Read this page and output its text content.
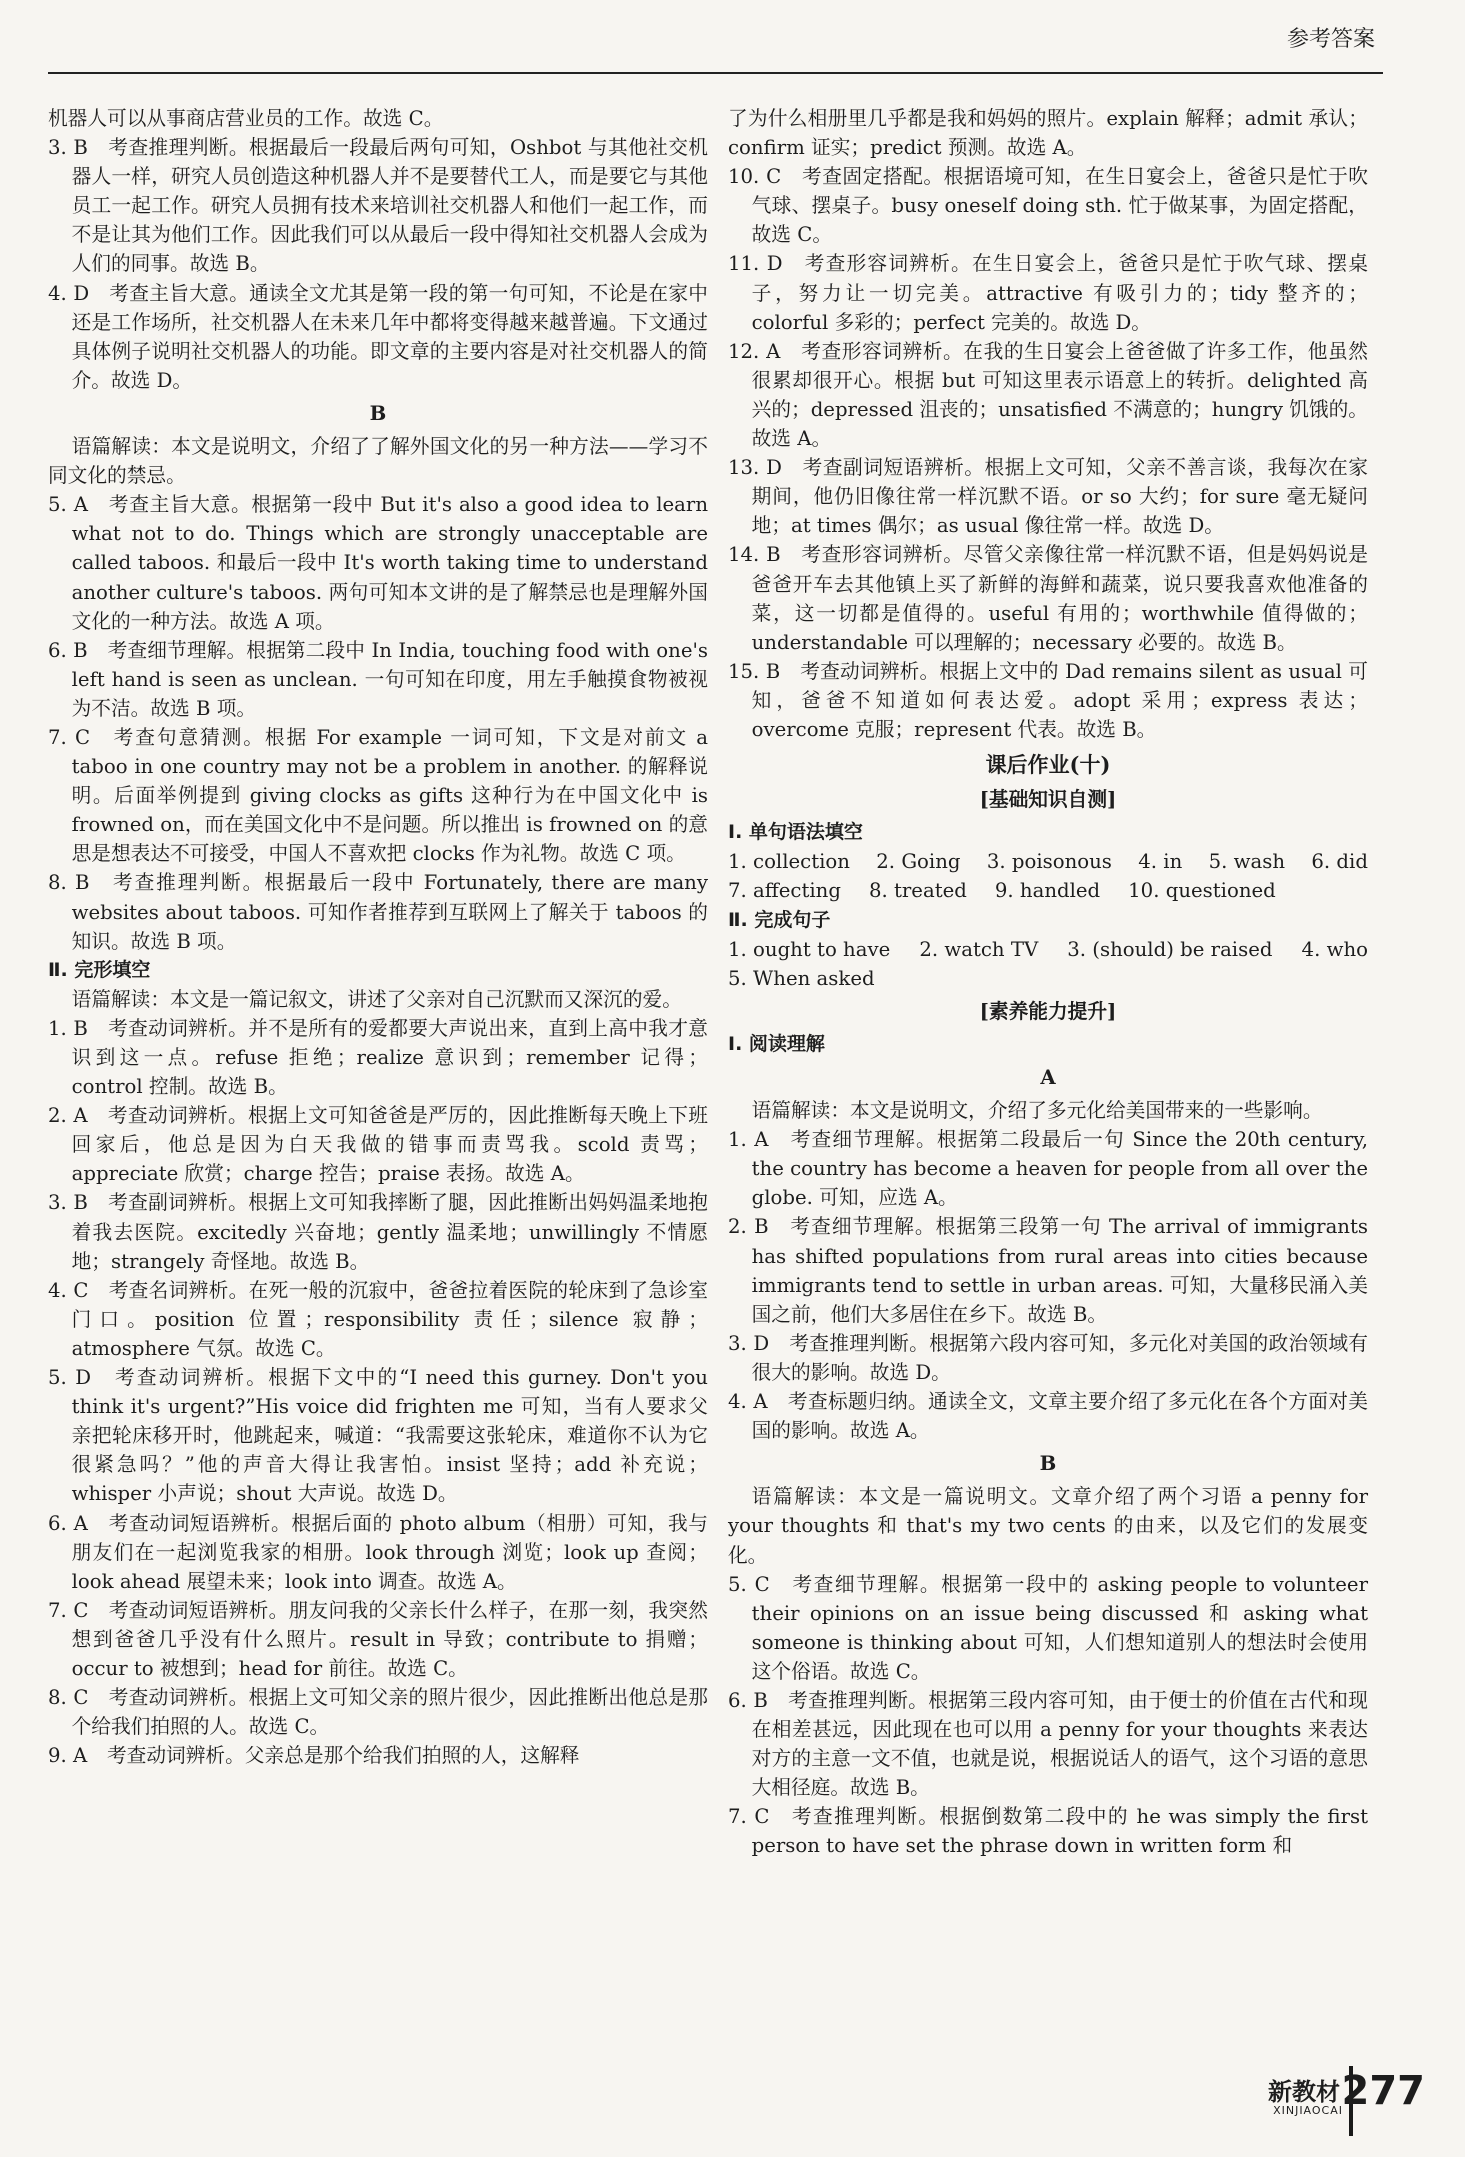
参考答案

机器人可以从事商店营业员的工作。故选 C。

3. B　考查推理判断。根据最后一段最后两句可知，Oshbot 与其他社交机器人一样，研究人员创造这种机器人并不是要替代工人，而是要它与其他员工一起工作。研究人员拥有技术来培训社交机器人和他们一起工作，而不是让其为他们工作。因此我们可以从最后一段中得知社交机器人会成为人们的同事。故选 B。

4. D　考查主旨大意。通读全文尤其是第一段的第一句可知，不论是在家中还是工作场所，社交机器人在未来几年中都将变得越来越普遍。下文通过具体例子说明社交机器人的功能。即文章的主要内容是对社交机器人的简介。故选 D。

B

语篇解读：本文是说明文，介绍了了解外国文化的另一种方法——学习不同文化的禁忌。

5. A　考查主旨大意。根据第一段中 But it's also a good idea to learn what not to do. Things which are strongly unacceptable are called taboos. 和最后一段中 It's worth taking time to understand another culture's taboos. 两句可知本文讲的是了解禁忌也是理解外国文化的一种方法。故选 A 项。

6. B　考查细节理解。根据第二段中 In India, touching food with one's left hand is seen as unclean. 一句可知在印度，用左手触摸食物被视为不洁。故选 B 项。

7. C　考查句意猜测。根据 For example 一词可知，下文是对前文 a taboo in one country may not be a problem in another. 的解释说明。后面举例提到 giving clocks as gifts 这种行为在中国文化中 is frowned on，而在美国文化中不是问题。所以推出 is frowned on 的意思是想表达不可接受，中国人不喜欢把 clocks 作为礼物。故选 C 项。

8. B　考查推理判断。根据最后一段中 Fortunately, there are many websites about taboos. 可知作者推荐到互联网上了解关于 taboos 的知识。故选 B 项。

Ⅱ. 完形填空

语篇解读：本文是一篇记叙文，讲述了父亲对自己沉默而又深沉的爱。

1. B　考查动词辨析。并不是所有的爱都要大声说出来，直到上高中我才意识到这一点。refuse 拒绝；realize 意识到；remember 记得；control 控制。故选 B。

2. A　考查动词辨析。根据上文可知爸爸是严厉的，因此推断每天晚上下班回家后，他总是因为白天我做的错事而责骂我。scold 责骂；appreciate 欣赏；charge 控告；praise 表扬。故选 A。

3. B　考查副词辨析。根据上文可知我摔断了腿，因此推断出妈妈温柔地抱着我去医院。excitedly 兴奋地；gently 温柔地；unwillingly 不情愿地；strangely 奇怪地。故选 B。

4. C　考查名词辨析。在死一般的沉寂中，爸爸拉着医院的轮床到了急诊室门口。position 位置；responsibility 责任；silence 寂静；atmosphere 气氛。故选 C。

5. D　考查动词辨析。根据下文中的“I need this gurney. Don't you think it's urgent?”His voice did frighten me 可知，当有人要求父亲把轮床移开时，他跳起来，喊道：“我需要这张轮床，难道你不认为它很紧急吗？”他的声音大得让我害怕。insist 坚持；add 补充说；whisper 小声说；shout 大声说。故选 D。

6. A　考查动词短语辨析。根据后面的 photo album（相册）可知，我与朋友们在一起浏览我家的相册。look through 浏览；look up 查阅；look ahead 展望未来；look into 调查。故选 A。

7. C　考查动词短语辨析。朋友问我的父亲长什么样子，在那一刻，我突然想到爸爸几乎没有什么照片。result in 导致；contribute to 捐赠；occur to 被想到；head for 前往。故选 C。

8. C　考查动词辨析。根据上文可知父亲的照片很少，因此推断出他总是那个给我们拍照的人。故选 C。

9. A　考查动词辨析。父亲总是那个给我们拍照的人，这解释

了为什么相册里几乎都是我和妈妈的照片。explain 解释；admit 承认；confirm 证实；predict 预测。故选 A。

10. C　考查固定搭配。根据语境可知，在生日宴会上，爸爸只是忙于吹气球、摆桌子。busy oneself doing sth. 忙于做某事，为固定搭配，故选 C。

11. D　考查形容词辨析。在生日宴会上，爸爸只是忙于吹气球、摆桌子，努力让一切完美。attractive 有吸引力的；tidy 整齐的；colorful 多彩的；perfect 完美的。故选 D。

12. A　考查形容词辨析。在我的生日宴会上爸爸做了许多工作，他虽然很累却很开心。根据 but 可知这里表示语意上的转折。delighted 高兴的；depressed 沮丧的；unsatisfied 不满意的；hungry 饥饿的。故选 A。

13. D　考查副词短语辨析。根据上文可知，父亲不善言谈，我每次在家期间，他仍旧像往常一样沉默不语。or so 大约；for sure 毫无疑问地；at times 偶尔；as usual 像往常一样。故选 D。

14. B　考查形容词辨析。尽管父亲像往常一样沉默不语，但是妈妈说是爸爸开车去其他镇上买了新鲜的海鲜和蔬菜，说只要我喜欢他准备的菜，这一切都是值得的。useful 有用的；worthwhile 值得做的；understandable 可以理解的；necessary 必要的。故选 B。

15. B　考查动词辨析。根据上文中的 Dad remains silent as usual 可知，爸爸不知道如何表达爱。adopt 采用；express 表达；overcome 克服；represent 代表。故选 B。

课后作业(十)

[基础知识自测]

Ⅰ. 单句语法填空

1. collection 2. Going 3. poisonous 4. in 5. wash 6. did
7. affecting 8. treated 9. handled 10. questioned

Ⅱ. 完成句子

1. ought to have 2. watch TV 3. (should) be raised 4. who

5. When asked

[素养能力提升]

Ⅰ. 阅读理解

A

语篇解读：本文是说明文，介绍了多元化给美国带来的一些影响。

1. A　考查细节理解。根据第二段最后一句 Since the 20th century, the country has become a heaven for people from all over the globe. 可知，应选 A。

2. B　考查细节理解。根据第三段第一句 The arrival of immigrants has shifted populations from rural areas into cities because immigrants tend to settle in urban areas. 可知，大量移民涌入美国之前，他们大多居住在乡下。故选 B。

3. D　考查推理判断。根据第六段内容可知，多元化对美国的政治领域有很大的影响。故选 D。

4. A　考查标题归纳。通读全文，文章主要介绍了多元化在各个方面对美国的影响。故选 A。

B

语篇解读：本文是一篇说明文。文章介绍了两个习语 a penny for your thoughts 和 that's my two cents 的由来，以及它们的发展变化。

5. C　考查细节理解。根据第一段中的 asking people to volunteer their opinions on an issue being discussed 和 asking what someone is thinking about 可知，人们想知道别人的想法时会使用这个俗语。故选 C。

6. B　考查推理判断。根据第三段内容可知，由于便士的价值在古代和现在相差甚远，因此现在也可以用 a penny for your thoughts 来表达对方的主意一文不值，也就是说，根据说话人的语气，这个习语的意思大相径庭。故选 B。

7. C　考查推理判断。根据倒数第二段中的 he was simply the first person to have set the phrase down in written form 和

新教材
XINJIAOCAI
277
